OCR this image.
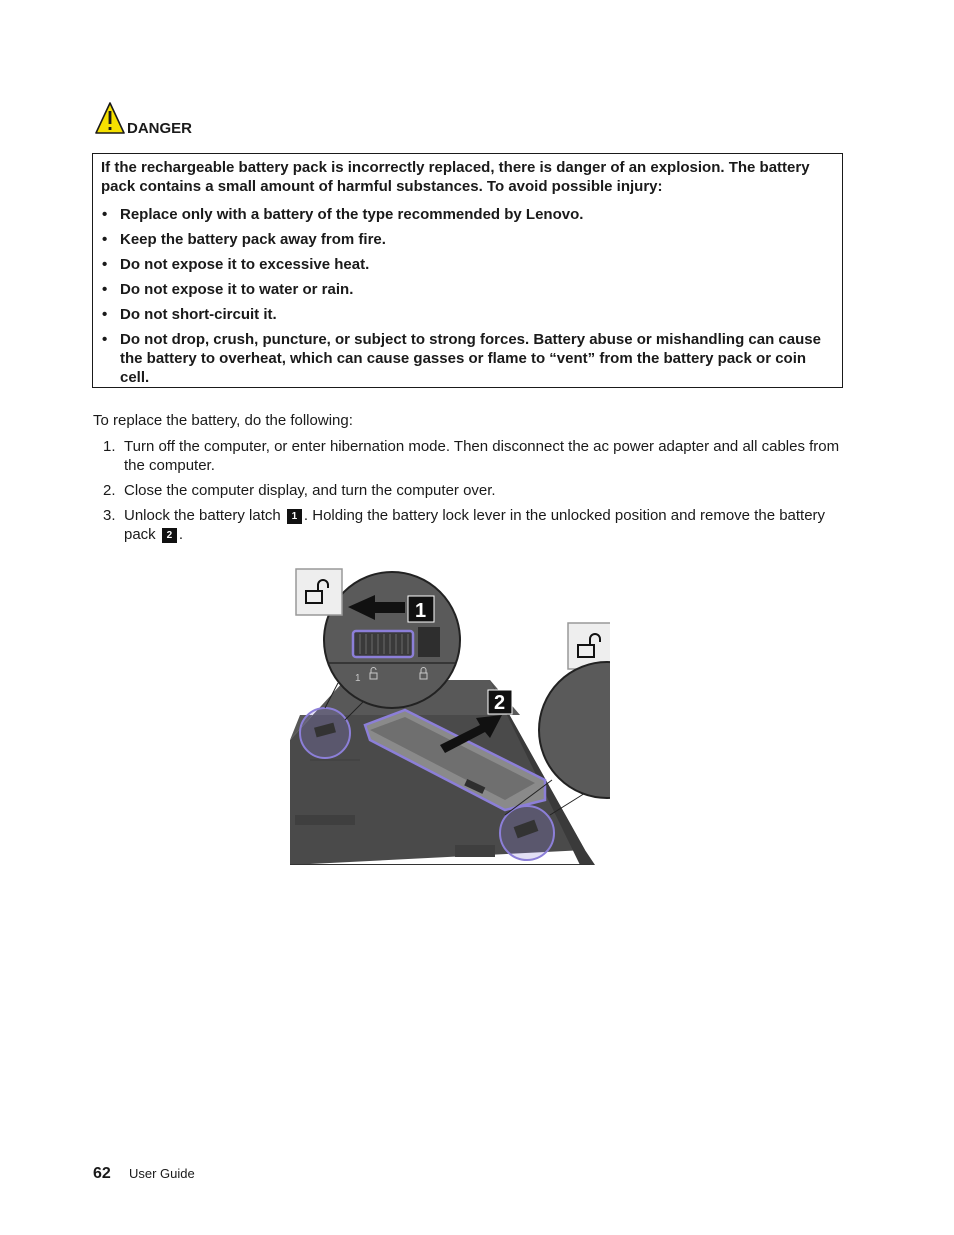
DANGER

If the rechargeable battery pack is incorrectly replaced, there is danger of an explosion. The battery pack contains a small amount of harmful substances. To avoid possible injury:

• Replace only with a battery of the type recommended by Lenovo.
• Keep the battery pack away from fire.
• Do not expose it to excessive heat.
• Do not expose it to water or rain.
• Do not short-circuit it.
• Do not drop, crush, puncture, or subject to strong forces. Battery abuse or mishandling can cause the battery to overheat, which can cause gasses or flame to “vent” from the battery pack or coin cell.
To replace the battery, do the following:
1. Turn off the computer, or enter hibernation mode. Then disconnect the ac power adapter and all cables from the computer.
2. Close the computer display, and turn the computer over.
3. Unlock the battery latch 1 . Holding the battery lock lever in the unlocked position and remove the battery pack 2 .
1
1
2
62 User Guide
